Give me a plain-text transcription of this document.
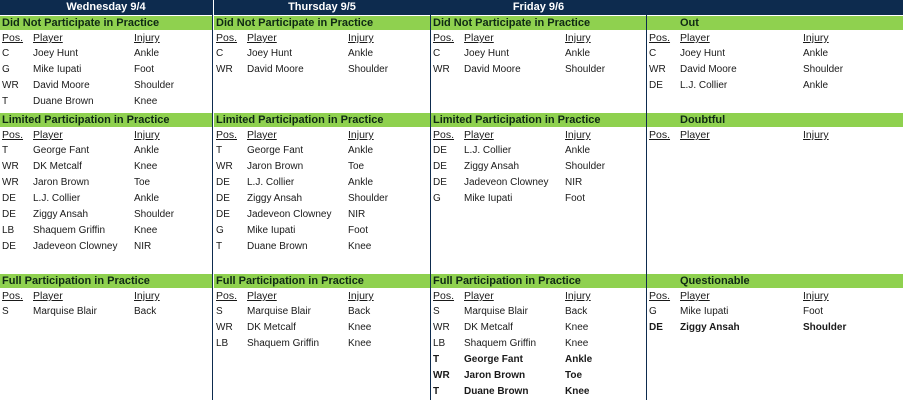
Wednesday 9/4
Did Not Participate in Practice
Pos. Player	Injury
C Joey Hunt	Ankle
G Mike Iupati	Foot
WR David Moore	Shoulder
T Duane Brown	Knee
Limited Participation in Practice
Pos. Player	Injury
T George Fant	Ankle
WR DK Metcalf	Knee
WR Jaron Brown	Toe
DE L.J. Collier	Ankle
DE Ziggy Ansah	Shoulder
LB Shaquem Griffin	Knee
DE Jadeveon Clowney NIR
Full Participation in Practice
Pos. Player	Injury
S Marquise Blair	Back
Thursday 9/5
Did Not Participate in Practice
Pos. Player	Injury
C Joey Hunt	Ankle
WR David Moore	Shoulder
Limited Participation in Practice
Pos. Player	Injury
T George Fant	Ankle
WR Jaron Brown	Toe
DE L.J. Collier	Ankle
DE Ziggy Ansah	Shoulder
DE Jadeveon Clowney NIR
G Mike Iupati	Foot
T Duane Brown	Knee
Full Participation in Practice
Pos. Player	Injury
S Marquise Blair	Back
WR DK Metcalf	Knee
LB Shaquem Griffin	Knee
Friday 9/6
Did Not Participate in Practice
Pos. Player	Injury
C Joey Hunt	Ankle
WR David Moore	Shoulder
Limited Participation in Practice
Pos. Player	Injury
DE L.J. Collier	Ankle
DE Ziggy Ansah	Shoulder
DE Jadeveon Clowney NIR
G Mike Iupati	Foot
Full Participation in Practice
Pos. Player	Injury
S Marquise Blair	Back
WR DK Metcalf	Knee
LB Shaquem Griffin	Knee
T George Fant	Ankle
WR Jaron Brown	Toe
T Duane Brown	Knee
Out
Pos. Player	Injury
C Joey Hunt	Ankle
WR David Moore	Shoulder
DE L.J. Collier	Ankle
Doubtful
Pos. Player	Injury
Questionable
Pos. Player	Injury
G Mike Iupati	Foot
DE Ziggy Ansah	Shoulder
